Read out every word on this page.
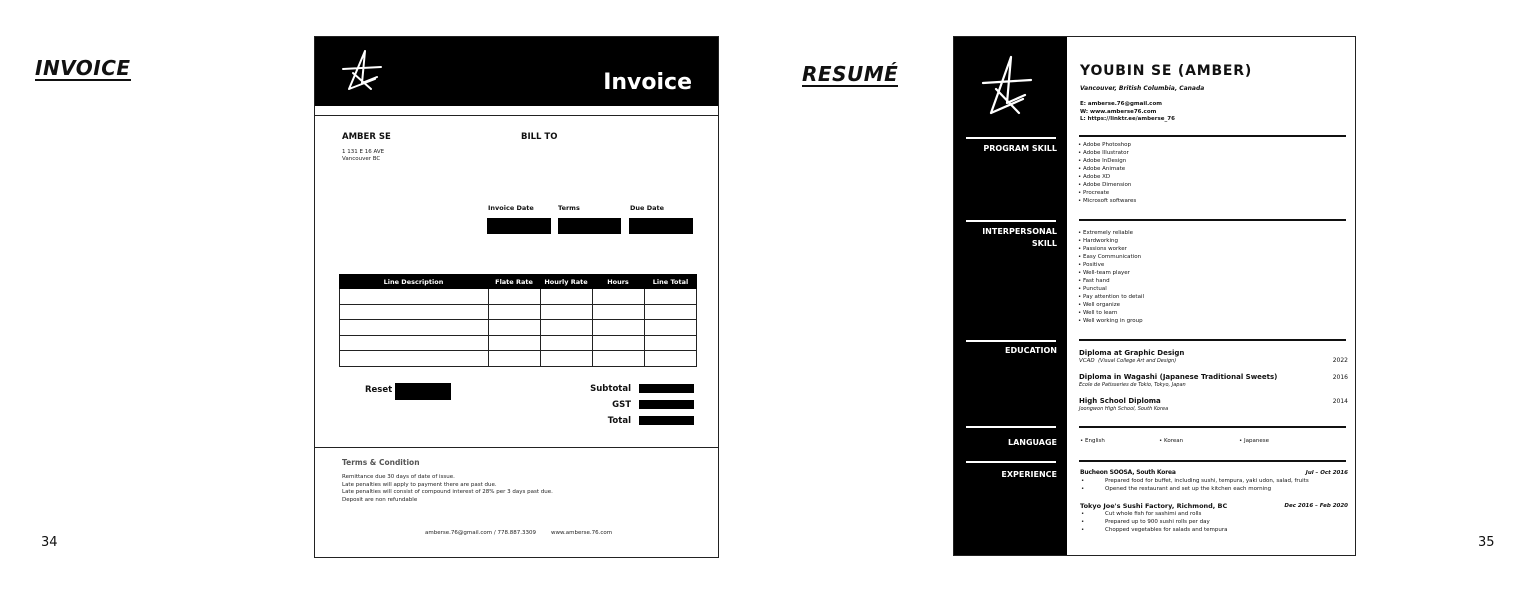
INVOICE	RESUMÉ
34	35
Invoice
AMBER SE
1 131 E 16 AVE
Vancouver BC
BILL TO
Invoice Date	Terms	Due Date
Line Description	Flate Rate	Hourly Rate	Hours	Line Total
Reset	Subtotal
GST
Total
Terms & Condition
Remittance due 30 days of date of issue.
Late penalties will apply to payment there are past due.
Late penalties will consist of compound interest of 28% per 3 days past due.
Deposit are non refundable
amberse.76@gmail.com / 778.887.3309	www.amberse.76.com
PROGRAM SKILL
INTERPERSONAL
SKILL
EDUCATION
LANGUAGE
EXPERIENCE
YOUBIN SE (AMBER)
Vancouver, British Columbia, Canada
E: amberse.76@gmail.com
W: www.amberse76.com
L: https://linktr.ee/amberse_76
• Adobe Photoshop
• Adobe Illustrator
• Adobe InDesign
• Adobe Animate
• Adobe XD
• Adobe Dimension
• Procreate
• Microsoft softwares
• Extremely reliable
• Hardworking
• Passions worker
• Easy Communication
• Positive
• Well-team player
• Fast hand
• Punctual
• Pay attention to detail
• Well organize
• Well to learn
• Well working in group
Diploma at Graphic Design
VCAD (Visual College Art and Design)	2022
Diploma in Wagashi (Japanese Traditional Sweets)
Ecole de Patisseries de Tokio, Tokyo, Japan
2016
High School Diploma
Joongwon High School, South Korea
2014
• English	• Korean	• Japanese
Bucheon SOOSA, South Korea	Jul – Oct 2016
• Prepared food for buffet, including sushi, tempura, yaki udon, salad, fruits
• Opened the restaurant and set up the kitchen each morning
Tokyo Joe's Sushi Factory, Richmond, BC	Dec 2016 – Feb 2020
• Cut whole fish for sashimi and rolls
• Prepared up to 900 sushi rolls per day
• Chopped vegetables for salads and tempura
